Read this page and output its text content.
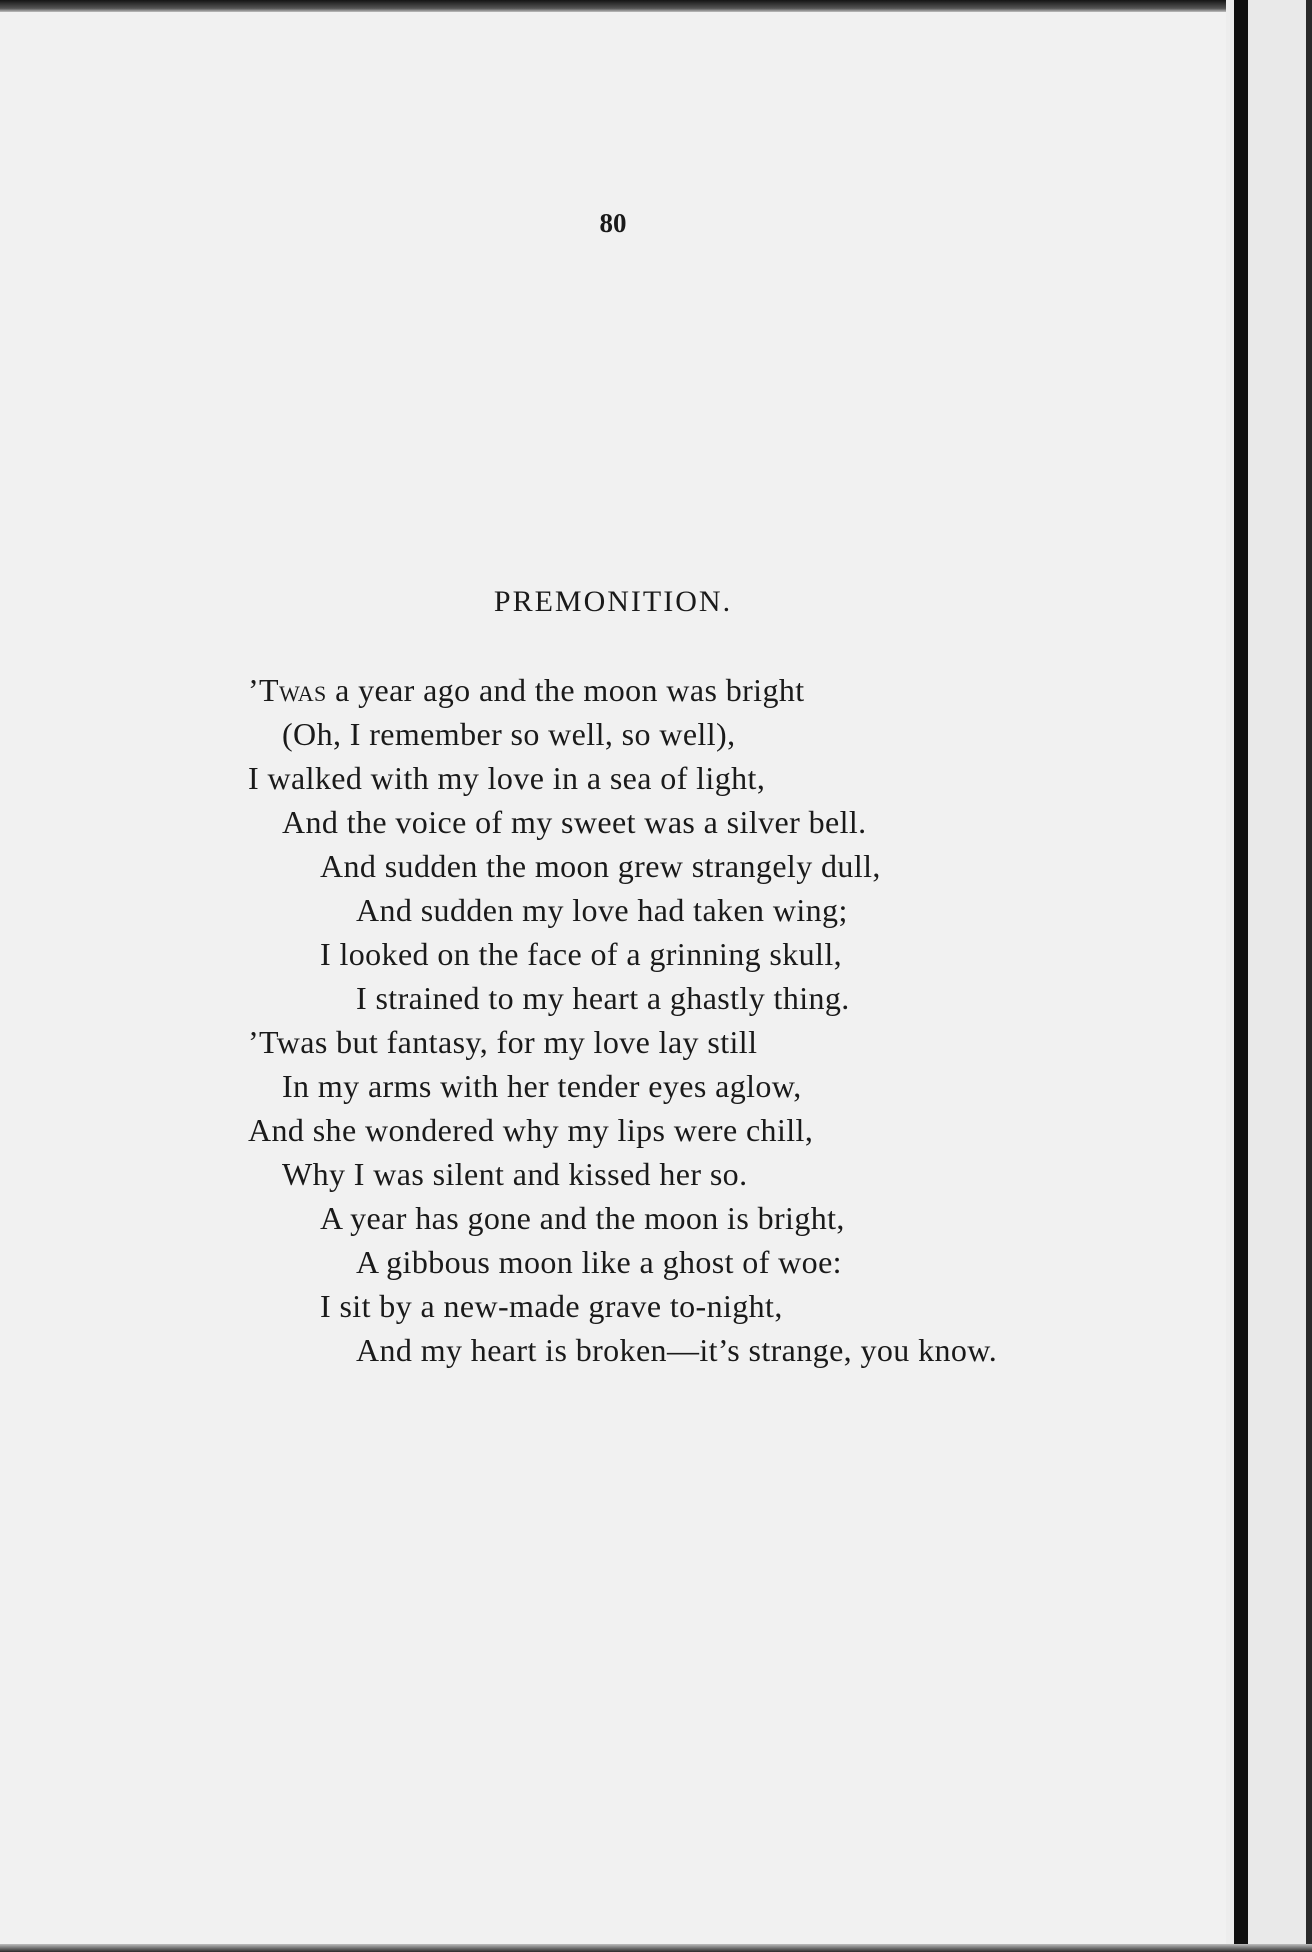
80
PREMONITION.
’Twas a year ago and the moon was bright
(Oh, I remember so well, so well),
I walked with my love in a sea of light,
And the voice of my sweet was a silver bell.
And sudden the moon grew strangely dull,
And sudden my love had taken wing;
I looked on the face of a grinning skull,
I strained to my heart a ghastly thing.
’Twas but fantasy, for my love lay still
In my arms with her tender eyes aglow,
And she wondered why my lips were chill,
Why I was silent and kissed her so.
A year has gone and the moon is bright,
A gibbous moon like a ghost of woe:
I sit by a new-made grave to-night,
And my heart is broken—it’s strange, you know.
